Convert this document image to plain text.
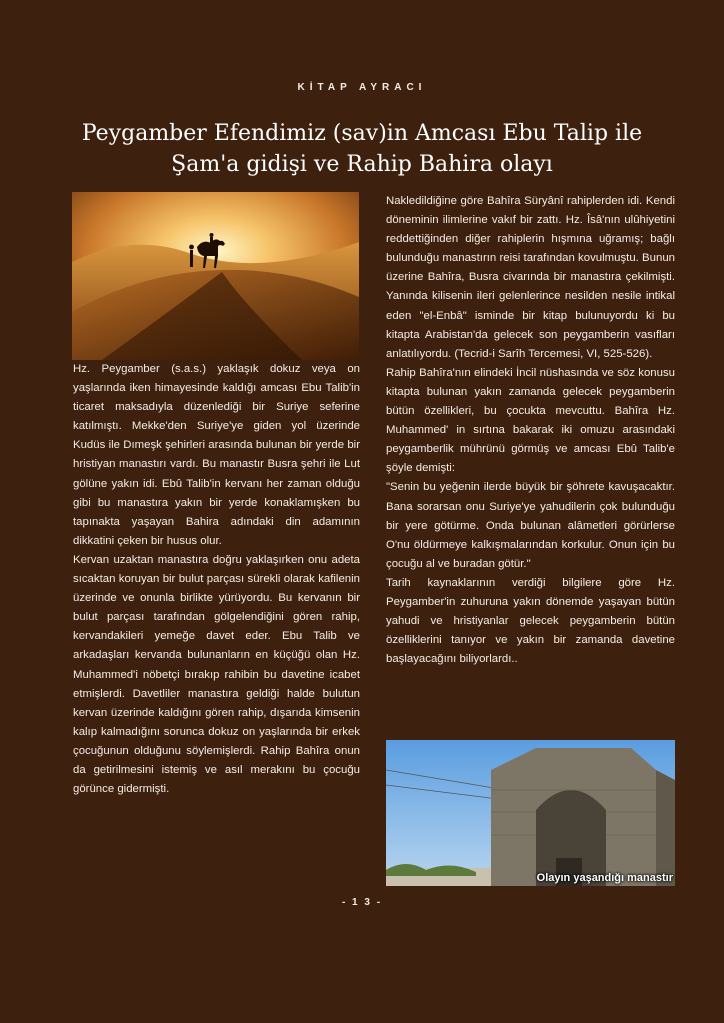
KİTAP AYRACI
Peygamber Efendimiz (sav)in Amcası Ebu Talip ile
Şam'a gidişi ve Rahip Bahira olayı

Hz. Peygamber (s.a.s.) yaklaşık dokuz veya on yaşlarında iken himayesinde kaldığı amcası Ebu Talib'in ticaret maksadıyla düzenlediği bir Suriye seferine katılmıştı. Mekke'den Suriye'ye giden yol üzerinde Kudüs ile Dımeşk şehirleri arasında bulunan bir yerde bir hristiyan manastırı vardı. Bu manastır Busra şehri ile Lut gölüne yakın idi. Ebû Talib'in kervanı her zaman olduğu gibi bu manastıra yakın bir yerde konaklamışken bu tapınakta yaşayan Bahira adındaki din adamının dikkatini çeken bir husus olur.

Kervan uzaktan manastıra doğru yaklaşırken onu adeta sıcaktan koruyan bir bulut parçası sürekli olarak kafilenin üzerinde ve onunla birlikte yürüyordu. Bu kervanın bir bulut parçası tarafından gölgelendiğini gören rahip, kervandakileri yemeğe davet eder. Ebu Talib ve arkadaşları kervanda bulunanların en küçüğü olan Hz. Muhammed'i nöbetçi bırakıp rahibin bu davetine icabet etmişlerdi. Davetliler manastıra geldiği halde bulutun kervan üzerinde kaldığını gören rahip, dışarıda kimsenin kalıp kalmadığını sorunca dokuz on yaşlarında bir erkek çocuğunun olduğunu söylemişlerdi. Rahip Bahîra onun da getirilmesini istemiş ve asıl merakını bu çocuğu görünce gidermişti.

Nakledildiğine göre Bahîra Süryânî rahiplerden idi. Kendi döneminin ilimlerine vakıf bir zattı. Hz. Îsâ'nın ulûhiyetini reddettiğinden diğer rahiplerin hışmına uğramış; bağlı bulunduğu manastırın reisi tarafından kovulmuştu. Bunun üzerine Bahîra, Busra civarında bir manastıra çekilmişti. Yanında kilisenin ileri gelenlerince nesilden nesile intikal eden "el-Enbâ" isminde bir kitap bulunuyordu ki bu kitapta Arabistan'da gelecek son peygamberin vasıfları anlatılıyordu. (Tecrid-i Sarîh Tercemesi, VI, 525-526).

Rahip Bahîra'nın elindeki İncil nüshasında ve söz konusu kitapta bulunan yakın zamanda gelecek peygamberin bütün özellikleri, bu çocukta mevcuttu. Bahîra Hz. Muhammed' in sırtına bakarak iki omuzu arasındaki peygamberlik mührünü görmüş ve amcası Ebû Talib'e şöyle demişti:

"Senin bu yeğenin ilerde büyük bir şöhrete kavuşacaktır. Bana sorarsan onu Suriye'ye yahudilerin çok bulunduğu bir yere götürme. Onda bulunan alâmetleri görürlerse O'nu öldürmeye kalkışmalarından korkulur. Onun için bu çocuğu al ve buradan götür."

Tarih kaynaklarının verdiği bilgilere göre Hz. Peygamber'in zuhuruna yakın dönemde yaşayan bütün yahudi ve hristiyanlar gelecek peygamberin bütün özelliklerini tanıyor ve yakın bir zamanda davetine başlayacağını biliyorlardı..

Olayın yaşandığı manastır
- 1 3 -
